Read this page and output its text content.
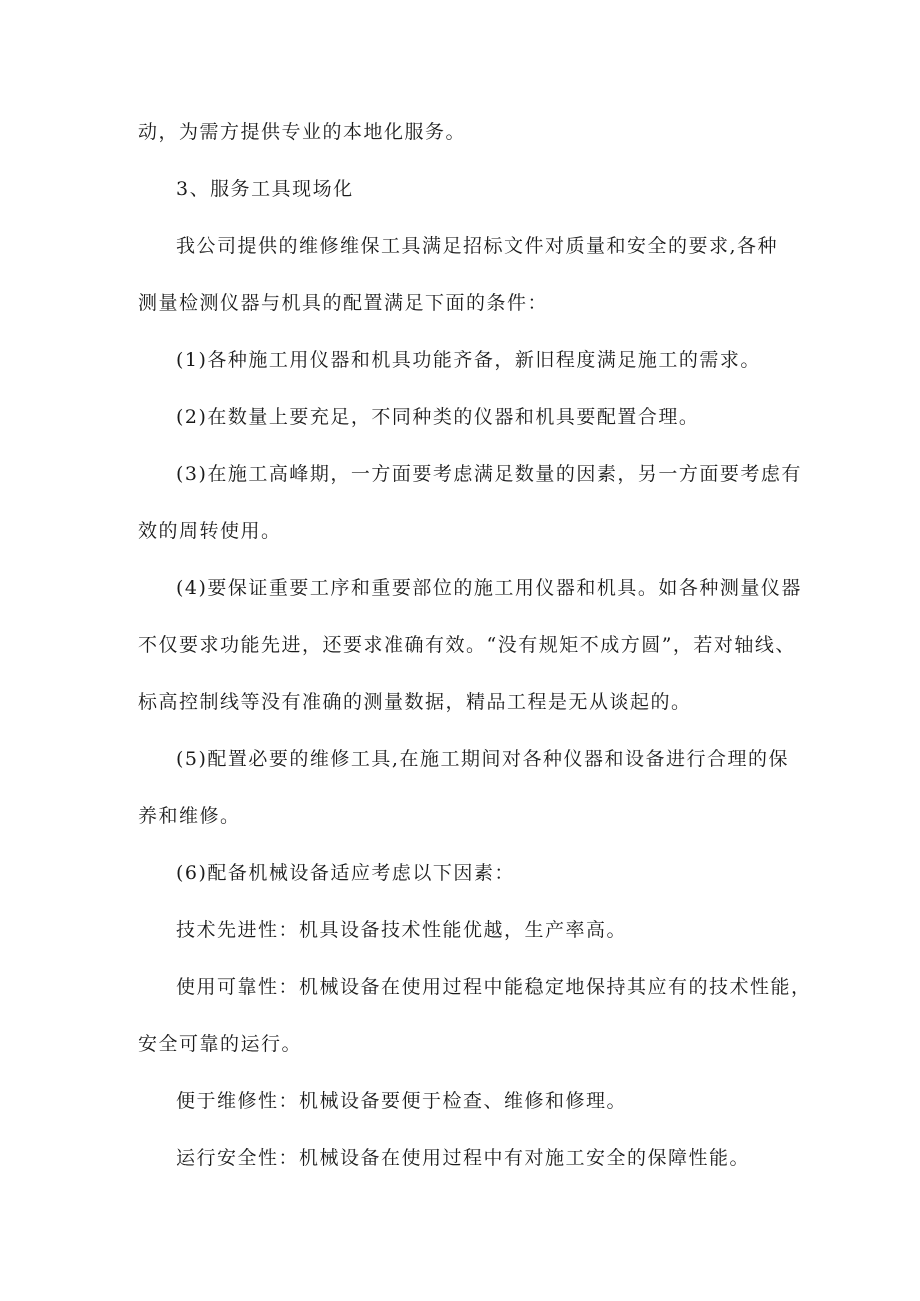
动，为需方提供专业的本地化服务。
3、服务工具现场化
我公司提供的维修维保工具满足招标文件对质量和安全的要求,各种
测量检测仪器与机具的配置满足下面的条件：
(1)各种施工用仪器和机具功能齐备，新旧程度满足施工的需求。
(2)在数量上要充足，不同种类的仪器和机具要配置合理。
(3)在施工高峰期，一方面要考虑满足数量的因素，另一方面要考虑有
效的周转使用。
(4)要保证重要工序和重要部位的施工用仪器和机具。如各种测量仪器
不仅要求功能先进，还要求准确有效。“没有规矩不成方圆”，若对轴线、
标高控制线等没有准确的测量数据，精品工程是无从谈起的。
(5)配置必要的维修工具,在施工期间对各种仪器和设备进行合理的保
养和维修。
(6)配备机械设备适应考虑以下因素：
技术先进性：机具设备技术性能优越，生产率高。
使用可靠性：机械设备在使用过程中能稳定地保持其应有的技术性能，
安全可靠的运行。
便于维修性：机械设备要便于检查、维修和修理。
运行安全性：机械设备在使用过程中有对施工安全的保障性能。
